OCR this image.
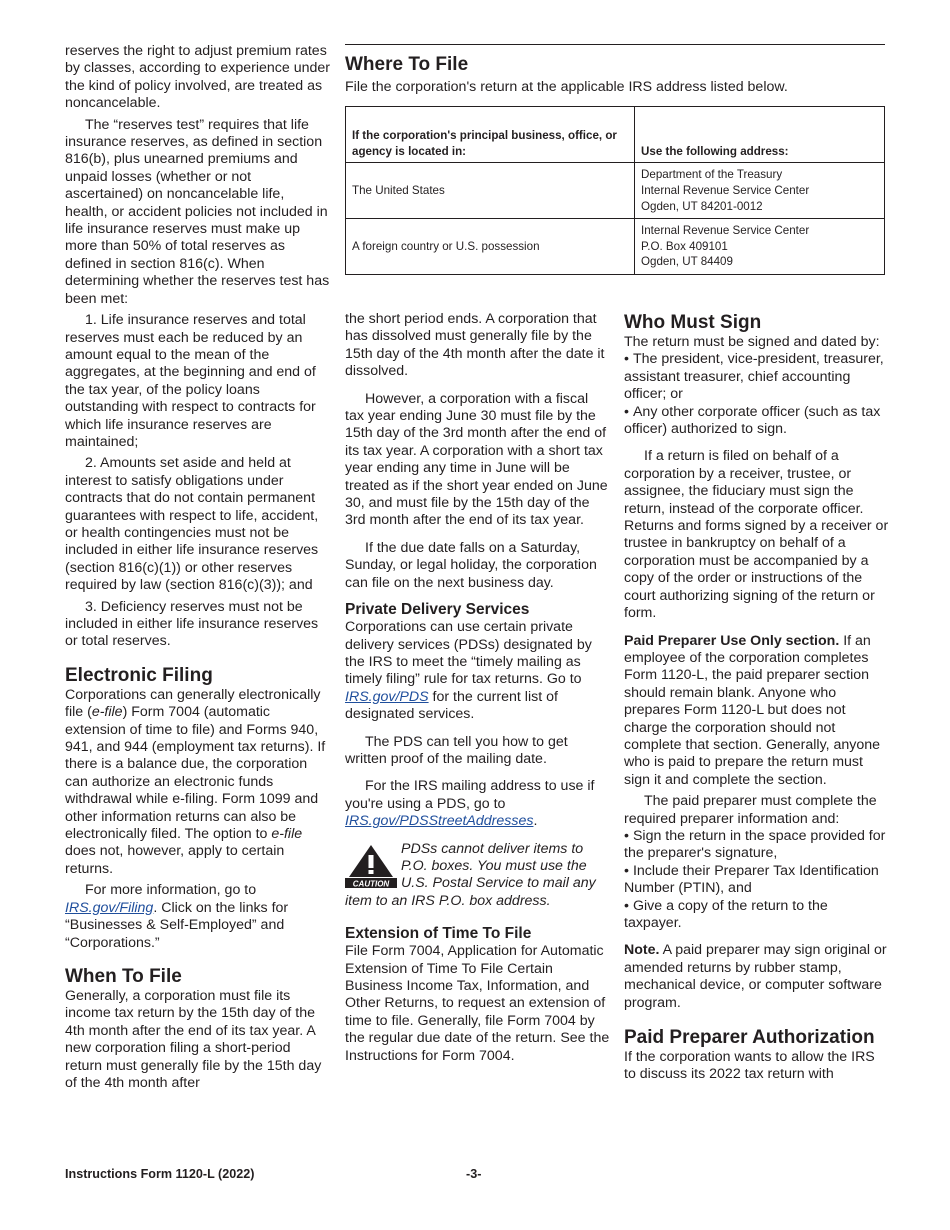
reserves the right to adjust premium rates by classes, according to experience under the kind of policy involved, are treated as noncancelable.

The “reserves test” requires that life insurance reserves, as defined in section 816(b), plus unearned premiums and unpaid losses (whether or not ascertained) on noncancelable life, health, or accident policies not included in life insurance reserves must make up more than 50% of total reserves as defined in section 816(c). When determining whether the reserves test has been met:

1. Life insurance reserves and total reserves must each be reduced by an amount equal to the mean of the aggregates, at the beginning and end of the tax year, of the policy loans outstanding with respect to contracts for which life insurance reserves are maintained;

2. Amounts set aside and held at interest to satisfy obligations under contracts that do not contain permanent guarantees with respect to life, accident, or health contingencies must not be included in either life insurance reserves (section 816(c)(1)) or other reserves required by law (section 816(c)(3)); and

3. Deficiency reserves must not be included in either life insurance reserves or total reserves.

Electronic Filing

Corporations can generally electronically file (e-file) Form 7004 (automatic extension of time to file) and Forms 940, 941, and 944 (employment tax returns). If there is a balance due, the corporation can authorize an electronic funds withdrawal while e-filing. Form 1099 and other information returns can also be electronically filed. The option to e-file does not, however, apply to certain returns.

For more information, go to IRS.gov/Filing. Click on the links for “Businesses & Self-Employed” and “Corporations.”

When To File

Generally, a corporation must file its income tax return by the 15th day of the 4th month after the end of its tax year. A new corporation filing a short-period return must generally file by the 15th day of the 4th month after

Where To File

File the corporation's return at the applicable IRS address listed below.

If the corporation's principal business, office, or agency is located in:	Use the following address:
The United States	Department of the Treasury
Internal Revenue Service Center
Ogden, UT 84201-0012

A foreign country or U.S. possession	Internal Revenue Service Center
P.O. Box 409101
Ogden, UT 84409

the short period ends. A corporation that has dissolved must generally file by the 15th day of the 4th month after the date it dissolved.

However, a corporation with a fiscal tax year ending June 30 must file by the 15th day of the 3rd month after the end of its tax year. A corporation with a short tax year ending any time in June will be treated as if the short year ended on June 30, and must file by the 15th day of the 3rd month after the end of its tax year.

If the due date falls on a Saturday, Sunday, or legal holiday, the corporation can file on the next business day.

Private Delivery Services

Corporations can use certain private delivery services (PDSs) designated by the IRS to meet the “timely mailing as timely filing” rule for tax returns. Go to IRS.gov/PDS for the current list of designated services.

The PDS can tell you how to get written proof of the mailing date.

For the IRS mailing address to use if you're using a PDS, go to IRS.gov/PDSStreetAddresses.

CAUTION
PDSs cannot deliver items to P.O. boxes. You must use the U.S. Postal Service to mail any item to an IRS P.O. box address.
Extension of Time To File

File Form 7004, Application for Automatic Extension of Time To File Certain Business Income Tax, Information, and Other Returns, to request an extension of time to file. Generally, file Form 7004 by the regular due date of the return. See the Instructions for Form 7004.

Who Must Sign

The return must be signed and dated by:

• The president, vice-president, treasurer, assistant treasurer, chief accounting officer; or

• Any other corporate officer (such as tax officer) authorized to sign.

If a return is filed on behalf of a corporation by a receiver, trustee, or assignee, the fiduciary must sign the return, instead of the corporate officer. Returns and forms signed by a receiver or trustee in bankruptcy on behalf of a corporation must be accompanied by a copy of the order or instructions of the court authorizing signing of the return or form.

Paid Preparer Use Only section. If an employee of the corporation completes Form 1120-L, the paid preparer section should remain blank. Anyone who prepares Form 1120-L but does not charge the corporation should not complete that section. Generally, anyone who is paid to prepare the return must sign it and complete the section.

The paid preparer must complete the required preparer information and:

• Sign the return in the space provided for the preparer's signature,

• Include their Preparer Tax Identification Number (PTIN), and

• Give a copy of the return to the taxpayer.

Note. A paid preparer may sign original or amended returns by rubber stamp, mechanical device, or computer software program.

Paid Preparer Authorization

If the corporation wants to allow the IRS to discuss its 2022 tax return with

Instructions Form 1120-L (2022)	-3-
